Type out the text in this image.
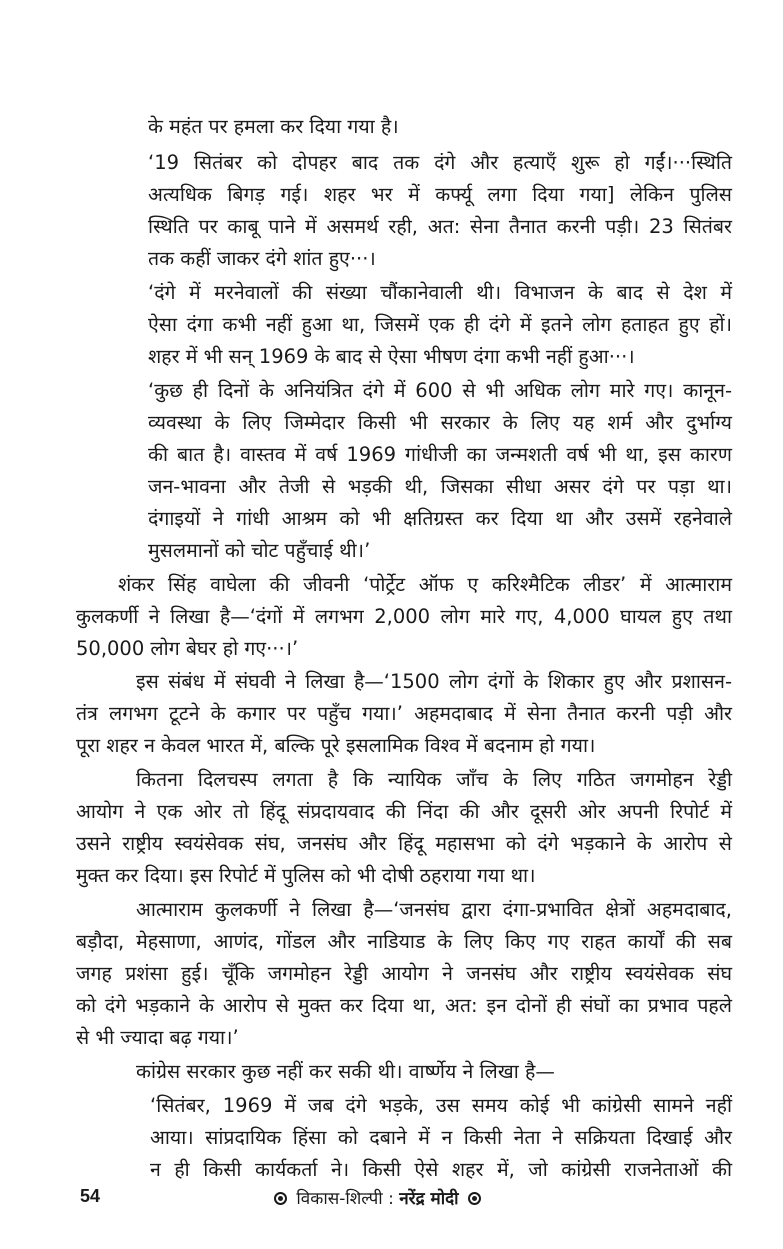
के महंत पर हमला कर दिया गया है।
‘19 सितंबर को दोपहर बाद तक दंगे और हत्याएँ शुरू हो गईं।···स्थिति
अत्यधिक बिगड़ गई। शहर भर में कर्फ्यू लगा दिया गया] लेकिन पुलिस
स्थिति पर काबू पाने में असमर्थ रही, अत: सेना तैनात करनी पड़ी। 23 सितंबर
तक कहीं जाकर दंगे शांत हुए···।
‘दंगे में मरनेवालों की संख्या चौंकानेवाली थी। विभाजन के बाद से देश में
ऐसा दंगा कभी नहीं हुआ था, जिसमें एक ही दंगे में इतने लोग हताहत हुए हों।
शहर में भी सन् 1969 के बाद से ऐसा भीषण दंगा कभी नहीं हुआ···।
‘कुछ ही दिनों के अनियंत्रित दंगे में 600 से भी अधिक लोग मारे गए। कानून-
व्यवस्था के लिए जिम्मेदार किसी भी सरकार के लिए यह शर्म और दुर्भाग्य
की बात है। वास्तव में वर्ष 1969 गांधीजी का जन्मशती वर्ष भी था, इस कारण
जन-भावना और तेजी से भड़की थी, जिसका सीधा असर दंगे पर पड़ा था।
दंगाइयों ने गांधी आश्रम को भी क्षतिग्रस्त कर दिया था और उसमें रहनेवाले
मुसलमानों को चोट पहुँचाई थी।’
शंकर सिंह वाघेला की जीवनी ‘पोर्ट्रेट ऑफ ए करिश्मैटिक लीडर’ में आत्माराम
कुलकर्णी ने लिखा है—‘दंगों में लगभग 2,000 लोग मारे गए, 4,000 घायल हुए तथा
50,000 लोग बेघर हो गए···।’
इस संबंध में संघवी ने लिखा है—‘1500 लोग दंगों के शिकार हुए और प्रशासन-
तंत्र लगभग टूटने के कगार पर पहुँच गया।’ अहमदाबाद में सेना तैनात करनी पड़ी और
पूरा शहर न केवल भारत में, बल्कि पूरे इसलामिक विश्व में बदनाम हो गया।
कितना दिलचस्प लगता है कि न्यायिक जाँच के लिए गठित जगमोहन रेड्डी
आयोग ने एक ओर तो हिंदू संप्रदायवाद की निंदा की और दूसरी ओर अपनी रिपोर्ट में
उसने राष्ट्रीय स्वयंसेवक संघ, जनसंघ और हिंदू महासभा को दंगे भड़काने के आरोप से
मुक्त कर दिया। इस रिपोर्ट में पुलिस को भी दोषी ठहराया गया था।
आत्माराम कुलकर्णी ने लिखा है—‘जनसंघ द्वारा दंगा-प्रभावित क्षेत्रों अहमदाबाद,
बड़ौदा, मेहसाणा, आणंद, गोंडल और नाडियाड के लिए किए गए राहत कार्यों की सब
जगह प्रशंसा हुई। चूँकि जगमोहन रेड्डी आयोग ने जनसंघ और राष्ट्रीय स्वयंसेवक संघ
को दंगे भड़काने के आरोप से मुक्त कर दिया था, अत: इन दोनों ही संघों का प्रभाव पहले
से भी ज्यादा बढ़ गया।’
कांग्रेस सरकार कुछ नहीं कर सकी थी। वार्ष्णेय ने लिखा है—
‘सितंबर, 1969 में जब दंगे भड़के, उस समय कोई भी कांग्रेसी सामने नहीं
आया। सांप्रदायिक हिंसा को दबाने में न किसी नेता ने सक्रियता दिखाई और
न ही किसी कार्यकर्ता ने। किसी ऐसे शहर में, जो कांग्रेसी राजनेताओं की
54	विकास-शिल्पी : नरेंद्र मोदी
